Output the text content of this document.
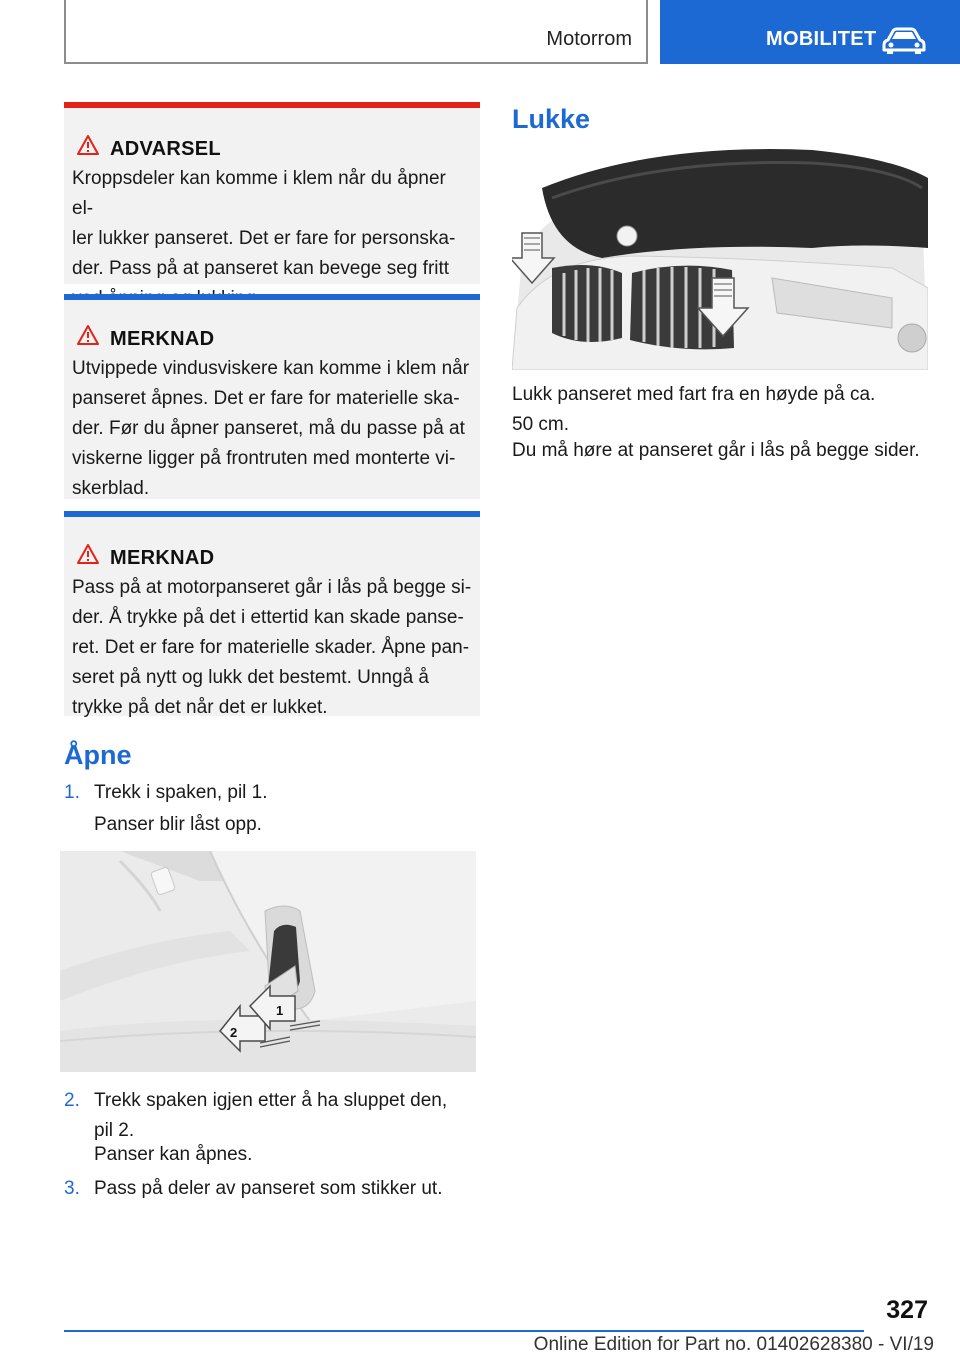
Motorrom	MOBILITET
ADVARSEL
Kroppsdeler kan komme i klem når du åpner el-
ler lukker panseret. Det er fare for personska-
der. Pass på at panseret kan bevege seg fritt
MERKNAD
Utvippede vindusviskere kan komme i klem når
panseret åpnes. Det er fare for materielle ska-
der. Før du åpner panseret, må du passe på at
viskerne ligger på frontruten med monterte vi-
skerblad.
MERKNAD
Pass på at motorpanseret går i lås på begge si-
der. Å trykke på det i ettertid kan skade panse-
ret. Det er fare for materielle skader. Åpne pan-
seret på nytt og lukk det bestemt. Unngå å
trykke på det når det er lukket.
Åpne
1. Trekk i spaken, pil 1.
Panser blir låst opp.
2
1
2. Trekk spaken igjen etter å ha sluppet den,
pil 2.
Panser kan åpnes.
3. Pass på deler av panseret som stikker ut.
Lukke
Lukk panseret med fart fra en høyde på ca.
50 cm.
Du må høre at panseret går i lås på begge sider.
327
Online Edition for Part no. 01402628380 - VI/19
